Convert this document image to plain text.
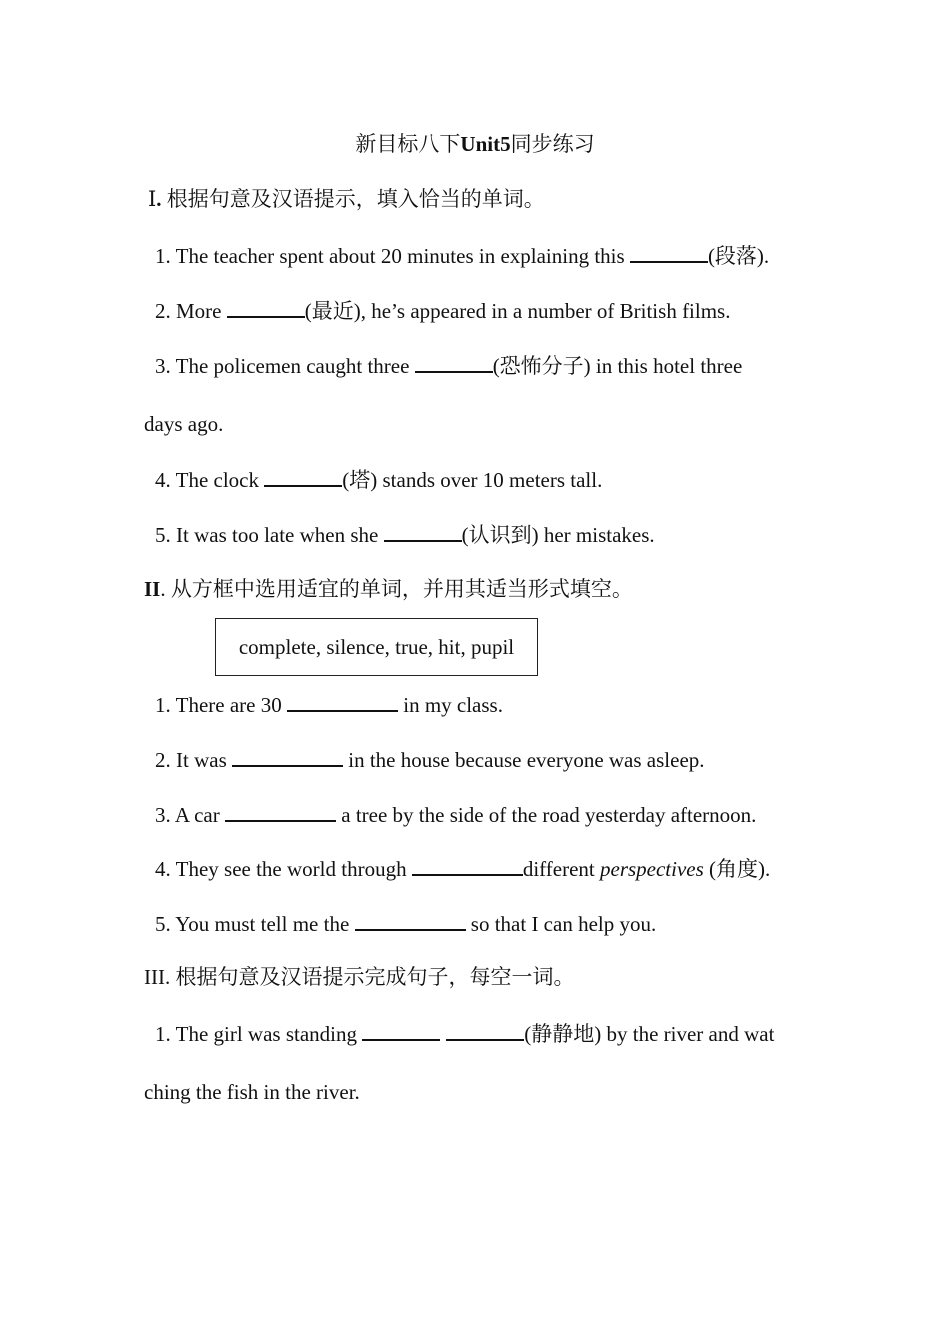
新目标八下Unit5同步练习
Ⅰ. 根据句意及汉语提示，填入恰当的单词。
1. The teacher spent about 20 minutes in explaining this	(段落).
2. More	(最近), he’s appeared in a number of British films.
3. The policemen caught three	(恐怖分子) in this hotel three
days ago.
4. The clock	(塔) stands over 10 meters tall.
5. It was too late when she	(认识到) her mistakes.
II. 从方框中选用适宜的单词，并用其适当形式填空。
complete, silence, true, hit, pupil
1. There are 30	in my class.
2. It was	in the house because everyone was asleep.
3. A car	a tree by the side of the road yesterday afternoon.
4. They see the world through	different perspectives (角度).
5. You must tell me the	so that I can help you.
III. 根据句意及汉语提示完成句子，每空一词。
1. The girl was standing	(静静地) by the river and wat
ching the fish in the river.
